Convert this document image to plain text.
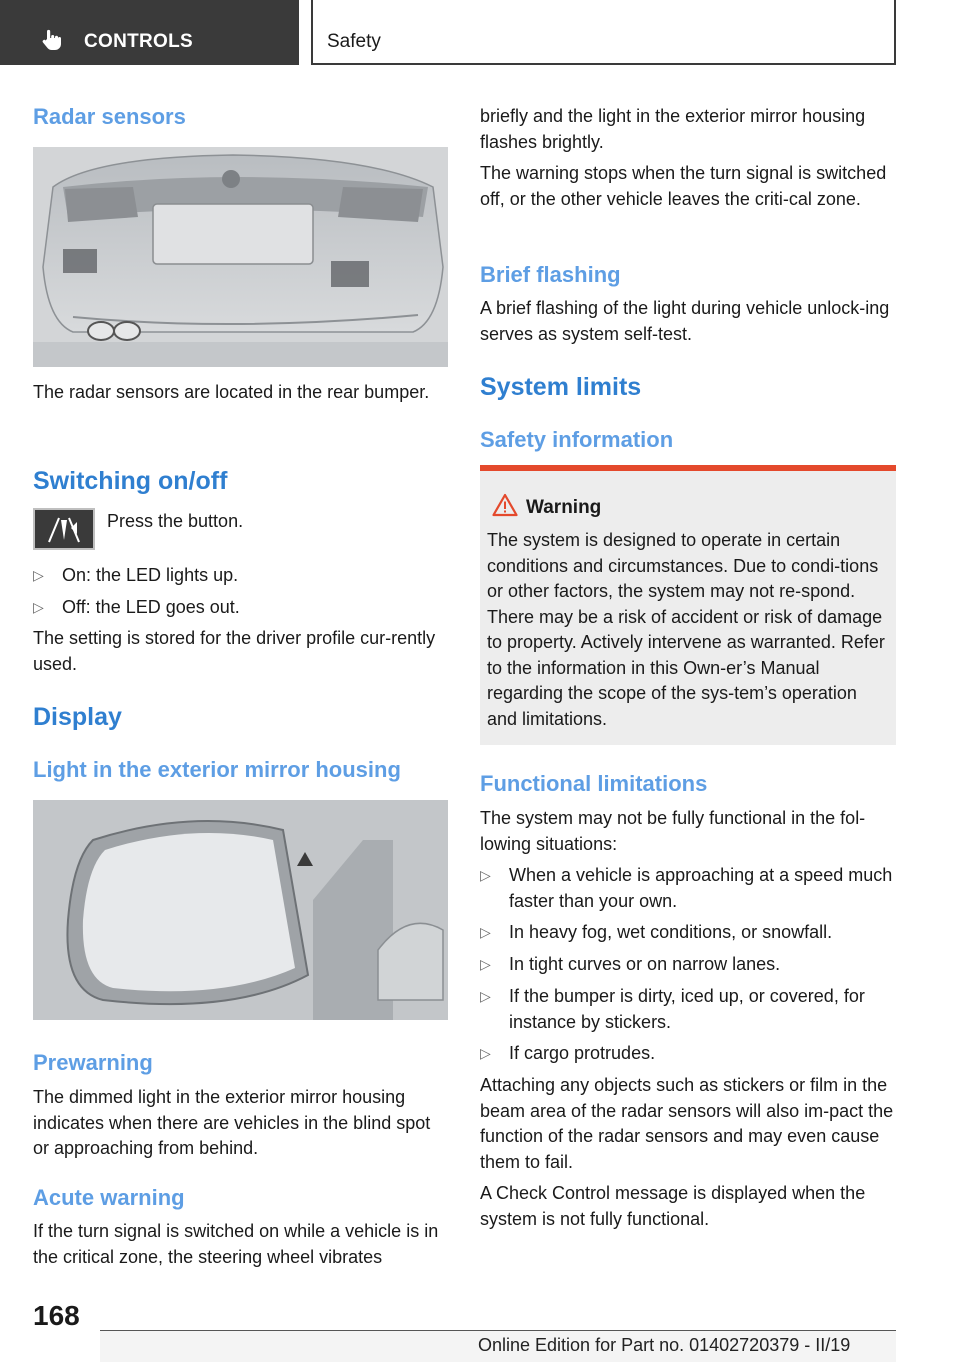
CONTROLS	Safety
Radar sensors
The radar sensors are located in the rear bumper.
Switching on/off
Press the button.
▷ On: the LED lights up.
▷ Off: the LED goes out.
The setting is stored for the driver profile cur-rently used.
Display
Light in the exterior mirror housing
Prewarning
The dimmed light in the exterior mirror housing indicates when there are vehicles in the blind spot or approaching from behind.
Acute warning
If the turn signal is switched on while a vehicle is in the critical zone, the steering wheel vibrates
briefly and the light in the exterior mirror housing flashes brightly.
The warning stops when the turn signal is switched off, or the other vehicle leaves the criti-cal zone.
Brief flashing
A brief flashing of the light during vehicle unlock-ing serves as system self-test.
System limits
Safety information
Warning
The system is designed to operate in certain conditions and circumstances. Due to condi-tions or other factors, the system may not re-spond. There may be a risk of accident or risk of damage to property. Actively intervene as warranted. Refer to the information in this Own-er’s Manual regarding the scope of the sys-tem’s operation and limitations.
Functional limitations
The system may not be fully functional in the fol-lowing situations:
▷ When a vehicle is approaching at a speed much faster than your own.
▷ In heavy fog, wet conditions, or snowfall.
▷ In tight curves or on narrow lanes.
▷ If the bumper is dirty, iced up, or covered, for instance by stickers.
▷ If cargo protrudes.
Attaching any objects such as stickers or film in the beam area of the radar sensors will also im-pact the function of the radar sensors and may even cause them to fail.
A Check Control message is displayed when the system is not fully functional.
168
Online Edition for Part no. 01402720379 - II/19
